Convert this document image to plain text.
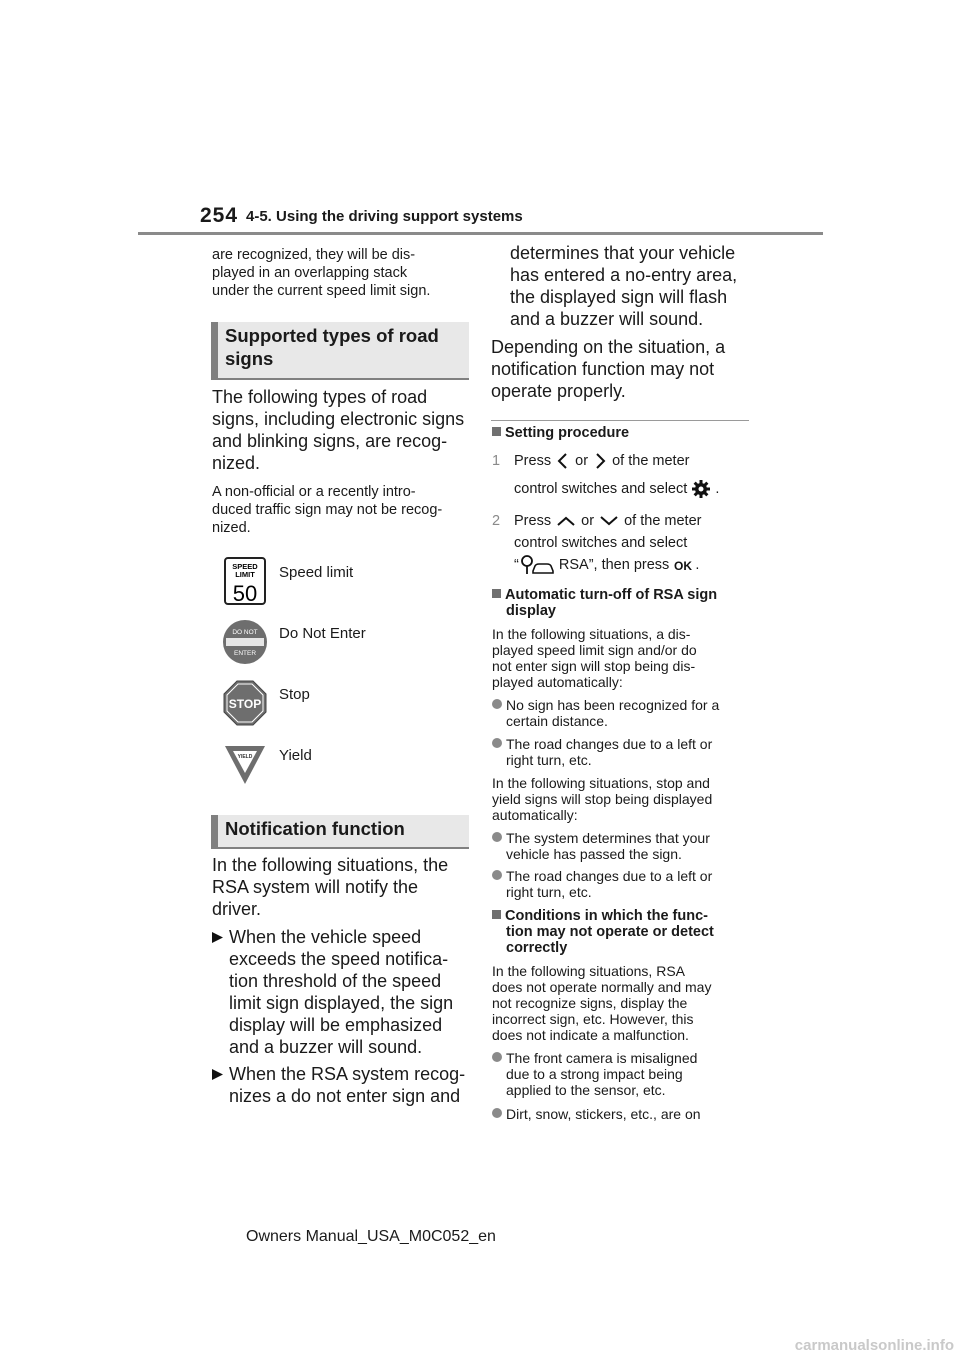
254 4-5. Using the driving support systems
are recognized, they will be dis-
played in an overlapping stack
under the current speed limit sign.
Supported types of road
signs
The following types of road
signs, including electronic signs
and blinking signs, are recog-
nized.
A non-official or a recently intro-
duced traffic sign may not be recog-
nized.
SPEED
LIMIT
50
Speed limit
DO NOT
ENTER
Do Not Enter
STOP
Stop
YIELD Yield
Notification function
In the following situations, the
RSA system will notify the
driver.
When the vehicle speed
exceeds the speed notifica-
tion threshold of the speed
limit sign displayed, the sign
display will be emphasized
and a buzzer will sound.
When the RSA system recog-
nizes a do not enter sign and
determines that your vehicle
has entered a no-entry area,
the displayed sign will flash
and a buzzer will sound.
Depending on the situation, a
notification function may not
operate properly.
Setting procedure
1 Press or of the meter
control switches and select .
2 Press or of the meter
control switches and select
“	RSA”, then press OK .
Automatic turn-off of RSA sign
display
In the following situations, a dis-
played speed limit sign and/or do
not enter sign will stop being dis-
played automatically:
No sign has been recognized for a
certain distance.
The road changes due to a left or
right turn, etc.
In the following situations, stop and
yield signs will stop being displayed
automatically:
The system determines that your
vehicle has passed the sign.
The road changes due to a left or
right turn, etc.
Conditions in which the func-
tion may not operate or detect
correctly
In the following situations, RSA
does not operate normally and may
not recognize signs, display the
incorrect sign, etc. However, this
does not indicate a malfunction.
The front camera is misaligned
due to a strong impact being
applied to the sensor, etc.
Dirt, snow, stickers, etc., are on
Owners Manual_USA_M0C052_en
carmanualsonline.info
